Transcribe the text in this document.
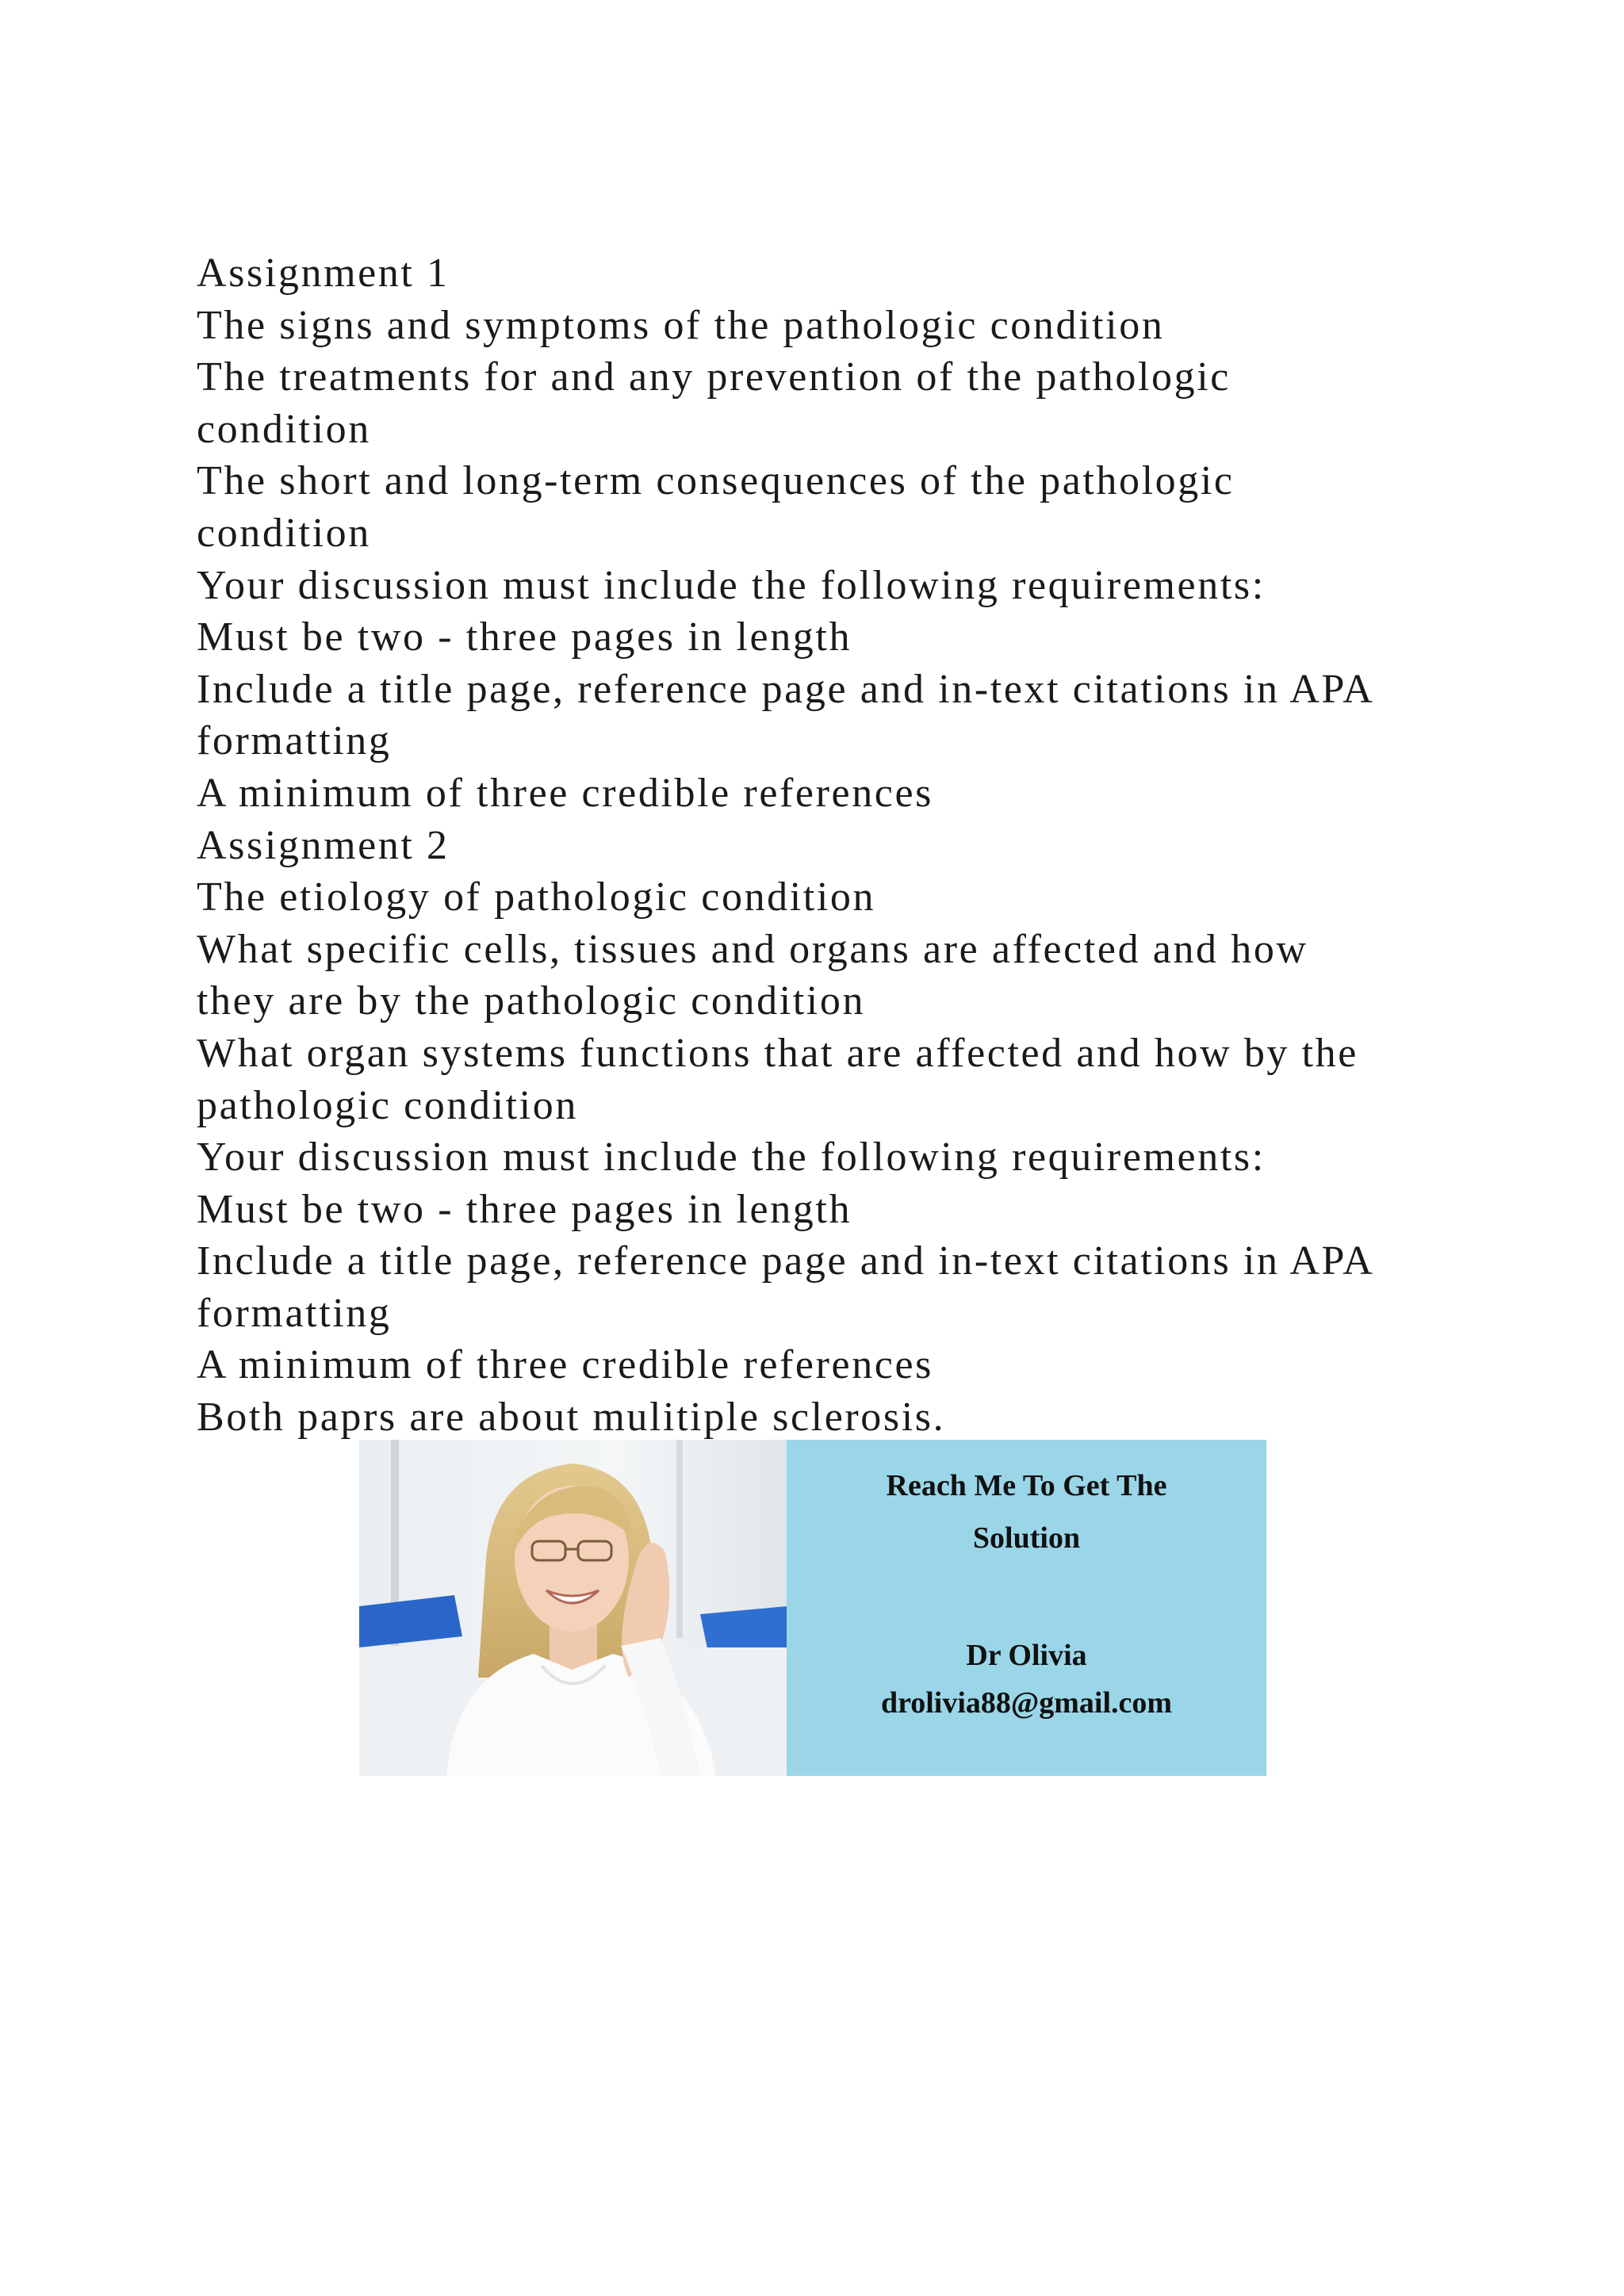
Assignment 1
The signs and symptoms of the pathologic condition
The treatments for and any prevention of the pathologic
condition
The short and long-term consequences of the pathologic
condition
Your discussion must include the following requirements:
Must be two - three pages in length
Include a title page, reference page and in-text citations in APA
formatting
A minimum of three credible references
Assignment 2
The etiology of pathologic condition
What specific cells, tissues and organs are affected and how
they are by the pathologic condition
What organ systems functions that are affected and how by the
pathologic condition
Your discussion must include the following requirements:
Must be two - three pages in length
Include a title page, reference page and in-text citations in APA
formatting
A minimum of three credible references
Both paprs are about mulitiple sclerosis.
Reach Me To Get The
Solution
Dr Olivia
drolivia88@gmail.com
